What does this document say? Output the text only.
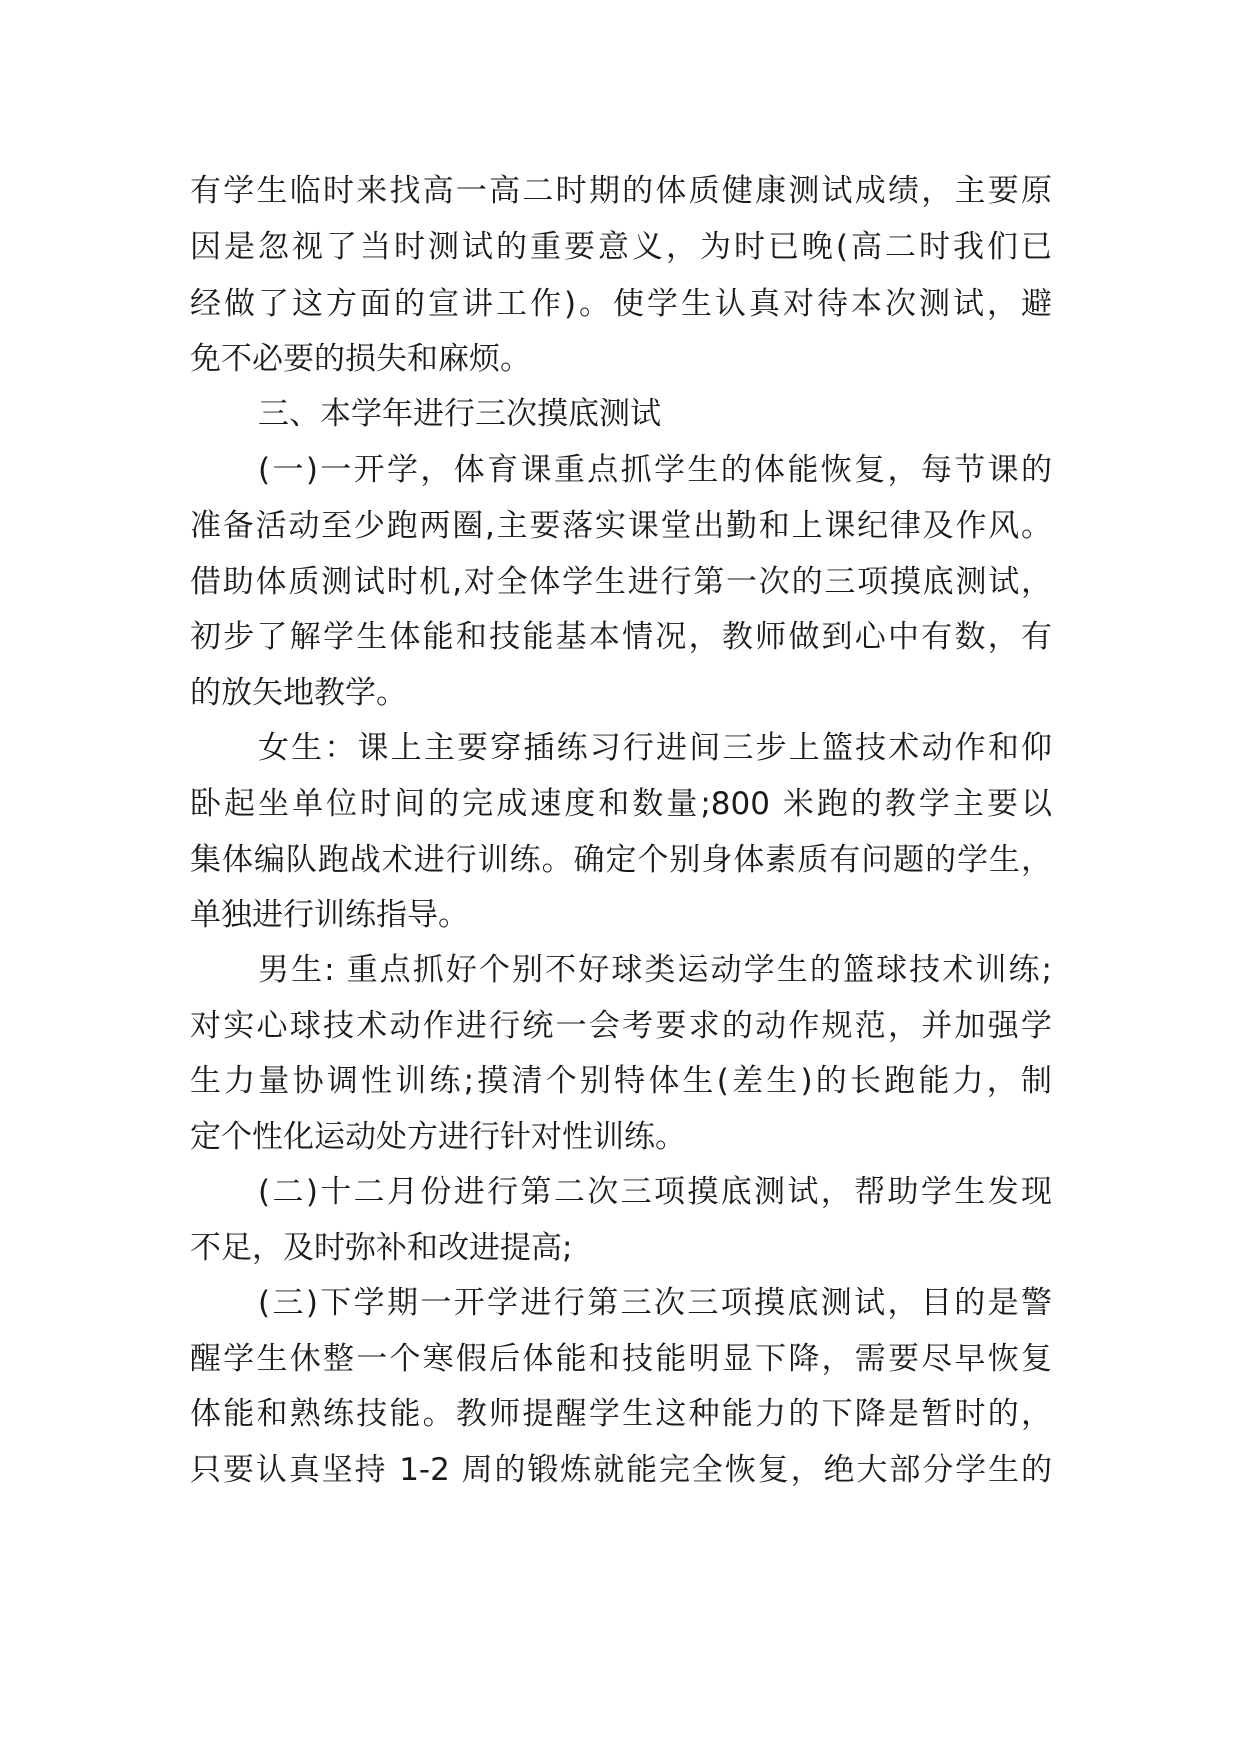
有学生临时来找高一高二时期的体质健康测试成绩，主要原
因是忽视了当时测试的重要意义，为时已晚(高二时我们已
经做了这方面的宣讲工作)。使学生认真对待本次测试，避
免不必要的损失和麻烦。
三、本学年进行三次摸底测试
(一)一开学，体育课重点抓学生的体能恢复，每节课的
准备活动至少跑两圈,主要落实课堂出勤和上课纪律及作风。
借助体质测试时机,对全体学生进行第一次的三项摸底测试，
初步了解学生体能和技能基本情况，教师做到心中有数，有
的放矢地教学。
女生：课上主要穿插练习行进间三步上篮技术动作和仰
卧起坐单位时间的完成速度和数量;800 米跑的教学主要以
集体编队跑战术进行训练。确定个别身体素质有问题的学生，
单独进行训练指导。
男生: 重点抓好个别不好球类运动学生的篮球技术训练;
对实心球技术动作进行统一会考要求的动作规范，并加强学
生力量协调性训练;摸清个别特体生(差生)的长跑能力，制
定个性化运动处方进行针对性训练。
(二)十二月份进行第二次三项摸底测试，帮助学生发现
不足，及时弥补和改进提高;
(三)下学期一开学进行第三次三项摸底测试，目的是警
醒学生休整一个寒假后体能和技能明显下降，需要尽早恢复
体能和熟练技能。教师提醒学生这种能力的下降是暂时的，
只要认真坚持 1-2 周的锻炼就能完全恢复，绝大部分学生的
